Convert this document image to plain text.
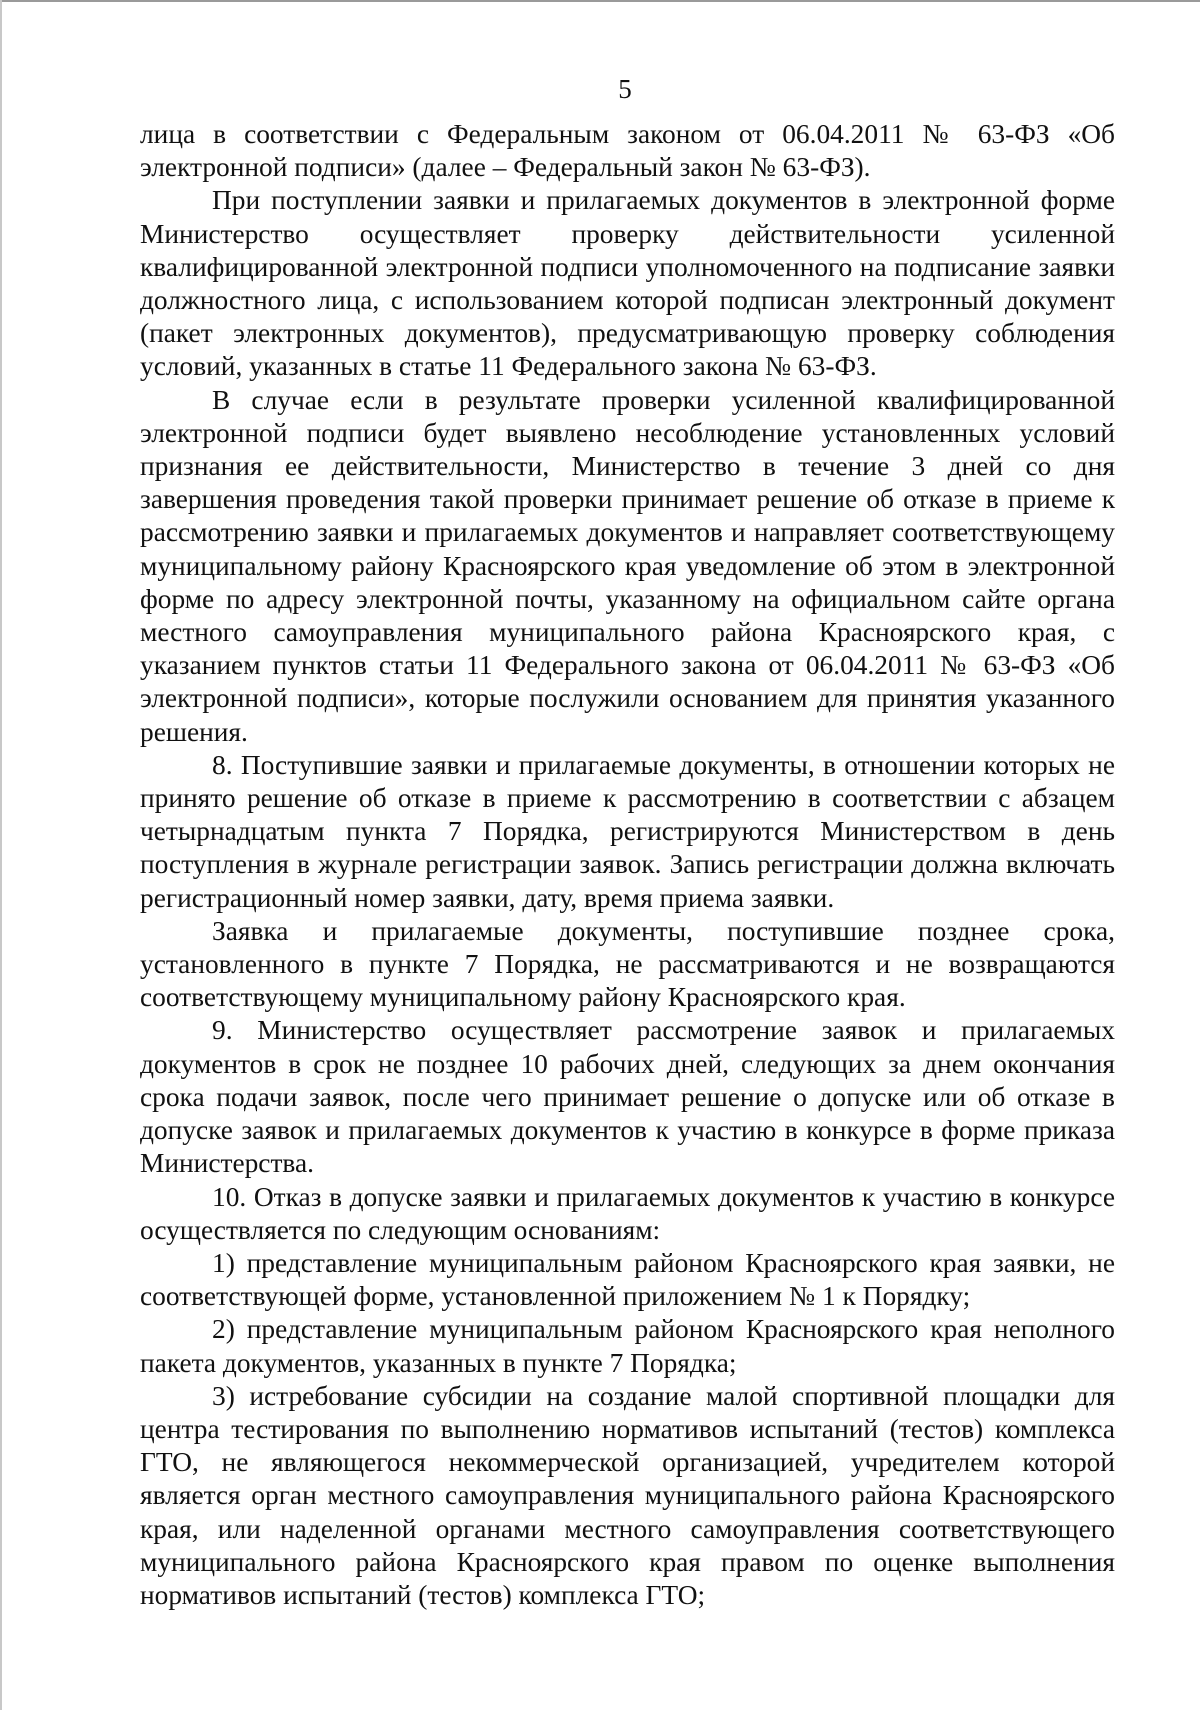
5

лица в соответствии с Федеральным законом от 06.04.2011 № 63-ФЗ «Об электронной подписи» (далее – Федеральный закон № 63-ФЗ).

При поступлении заявки и прилагаемых документов в электронной форме Министерство осуществляет проверку действительности усиленной квалифицированной электронной подписи уполномоченного на подписание заявки должностного лица, с использованием которой подписан электронный документ (пакет электронных документов), предусматривающую проверку соблюдения условий, указанных в статье 11 Федерального закона № 63-ФЗ.

В случае если в результате проверки усиленной квалифицированной электронной подписи будет выявлено несоблюдение установленных условий признания ее действительности, Министерство в течение 3 дней со дня завершения проведения такой проверки принимает решение об отказе в приеме к рассмотрению заявки и прилагаемых документов и направляет соответствующему муниципальному району Красноярского края уведомление об этом в электронной форме по адресу электронной почты, указанному на официальном сайте органа местного самоуправления муниципального района Красноярского края, с указанием пунктов статьи 11 Федерального закона от 06.04.2011 № 63-ФЗ «Об электронной подписи», которые послужили основанием для принятия указанного решения.

8. Поступившие заявки и прилагаемые документы, в отношении которых не принято решение об отказе в приеме к рассмотрению в соответствии с абзацем четырнадцатым пункта 7 Порядка, регистрируются Министерством в день поступления в журнале регистрации заявок. Запись регистрации должна включать регистрационный номер заявки, дату, время приема заявки.

Заявка и прилагаемые документы, поступившие позднее срока, установленного в пункте 7 Порядка, не рассматриваются и не возвращаются соответствующему муниципальному району Красноярского края.

9. Министерство осуществляет рассмотрение заявок и прилагаемых документов в срок не позднее 10 рабочих дней, следующих за днем окончания срока подачи заявок, после чего принимает решение о допуске или об отказе в допуске заявок и прилагаемых документов к участию в конкурсе в форме приказа Министерства.

10. Отказ в допуске заявки и прилагаемых документов к участию в конкурсе осуществляется по следующим основаниям:

1) представление муниципальным районом Красноярского края заявки, не соответствующей форме, установленной приложением № 1 к Порядку;

2) представление муниципальным районом Красноярского края неполного пакета документов, указанных в пункте 7 Порядка;

3) истребование субсидии на создание малой спортивной площадки для центра тестирования по выполнению нормативов испытаний (тестов) комплекса ГТО, не являющегося некоммерческой организацией, учредителем которой является орган местного самоуправления муниципального района Красноярского края, или наделенной органами местного самоуправления соответствующего муниципального района Красноярского края правом по оценке выполнения нормативов испытаний (тестов) комплекса ГТО;
